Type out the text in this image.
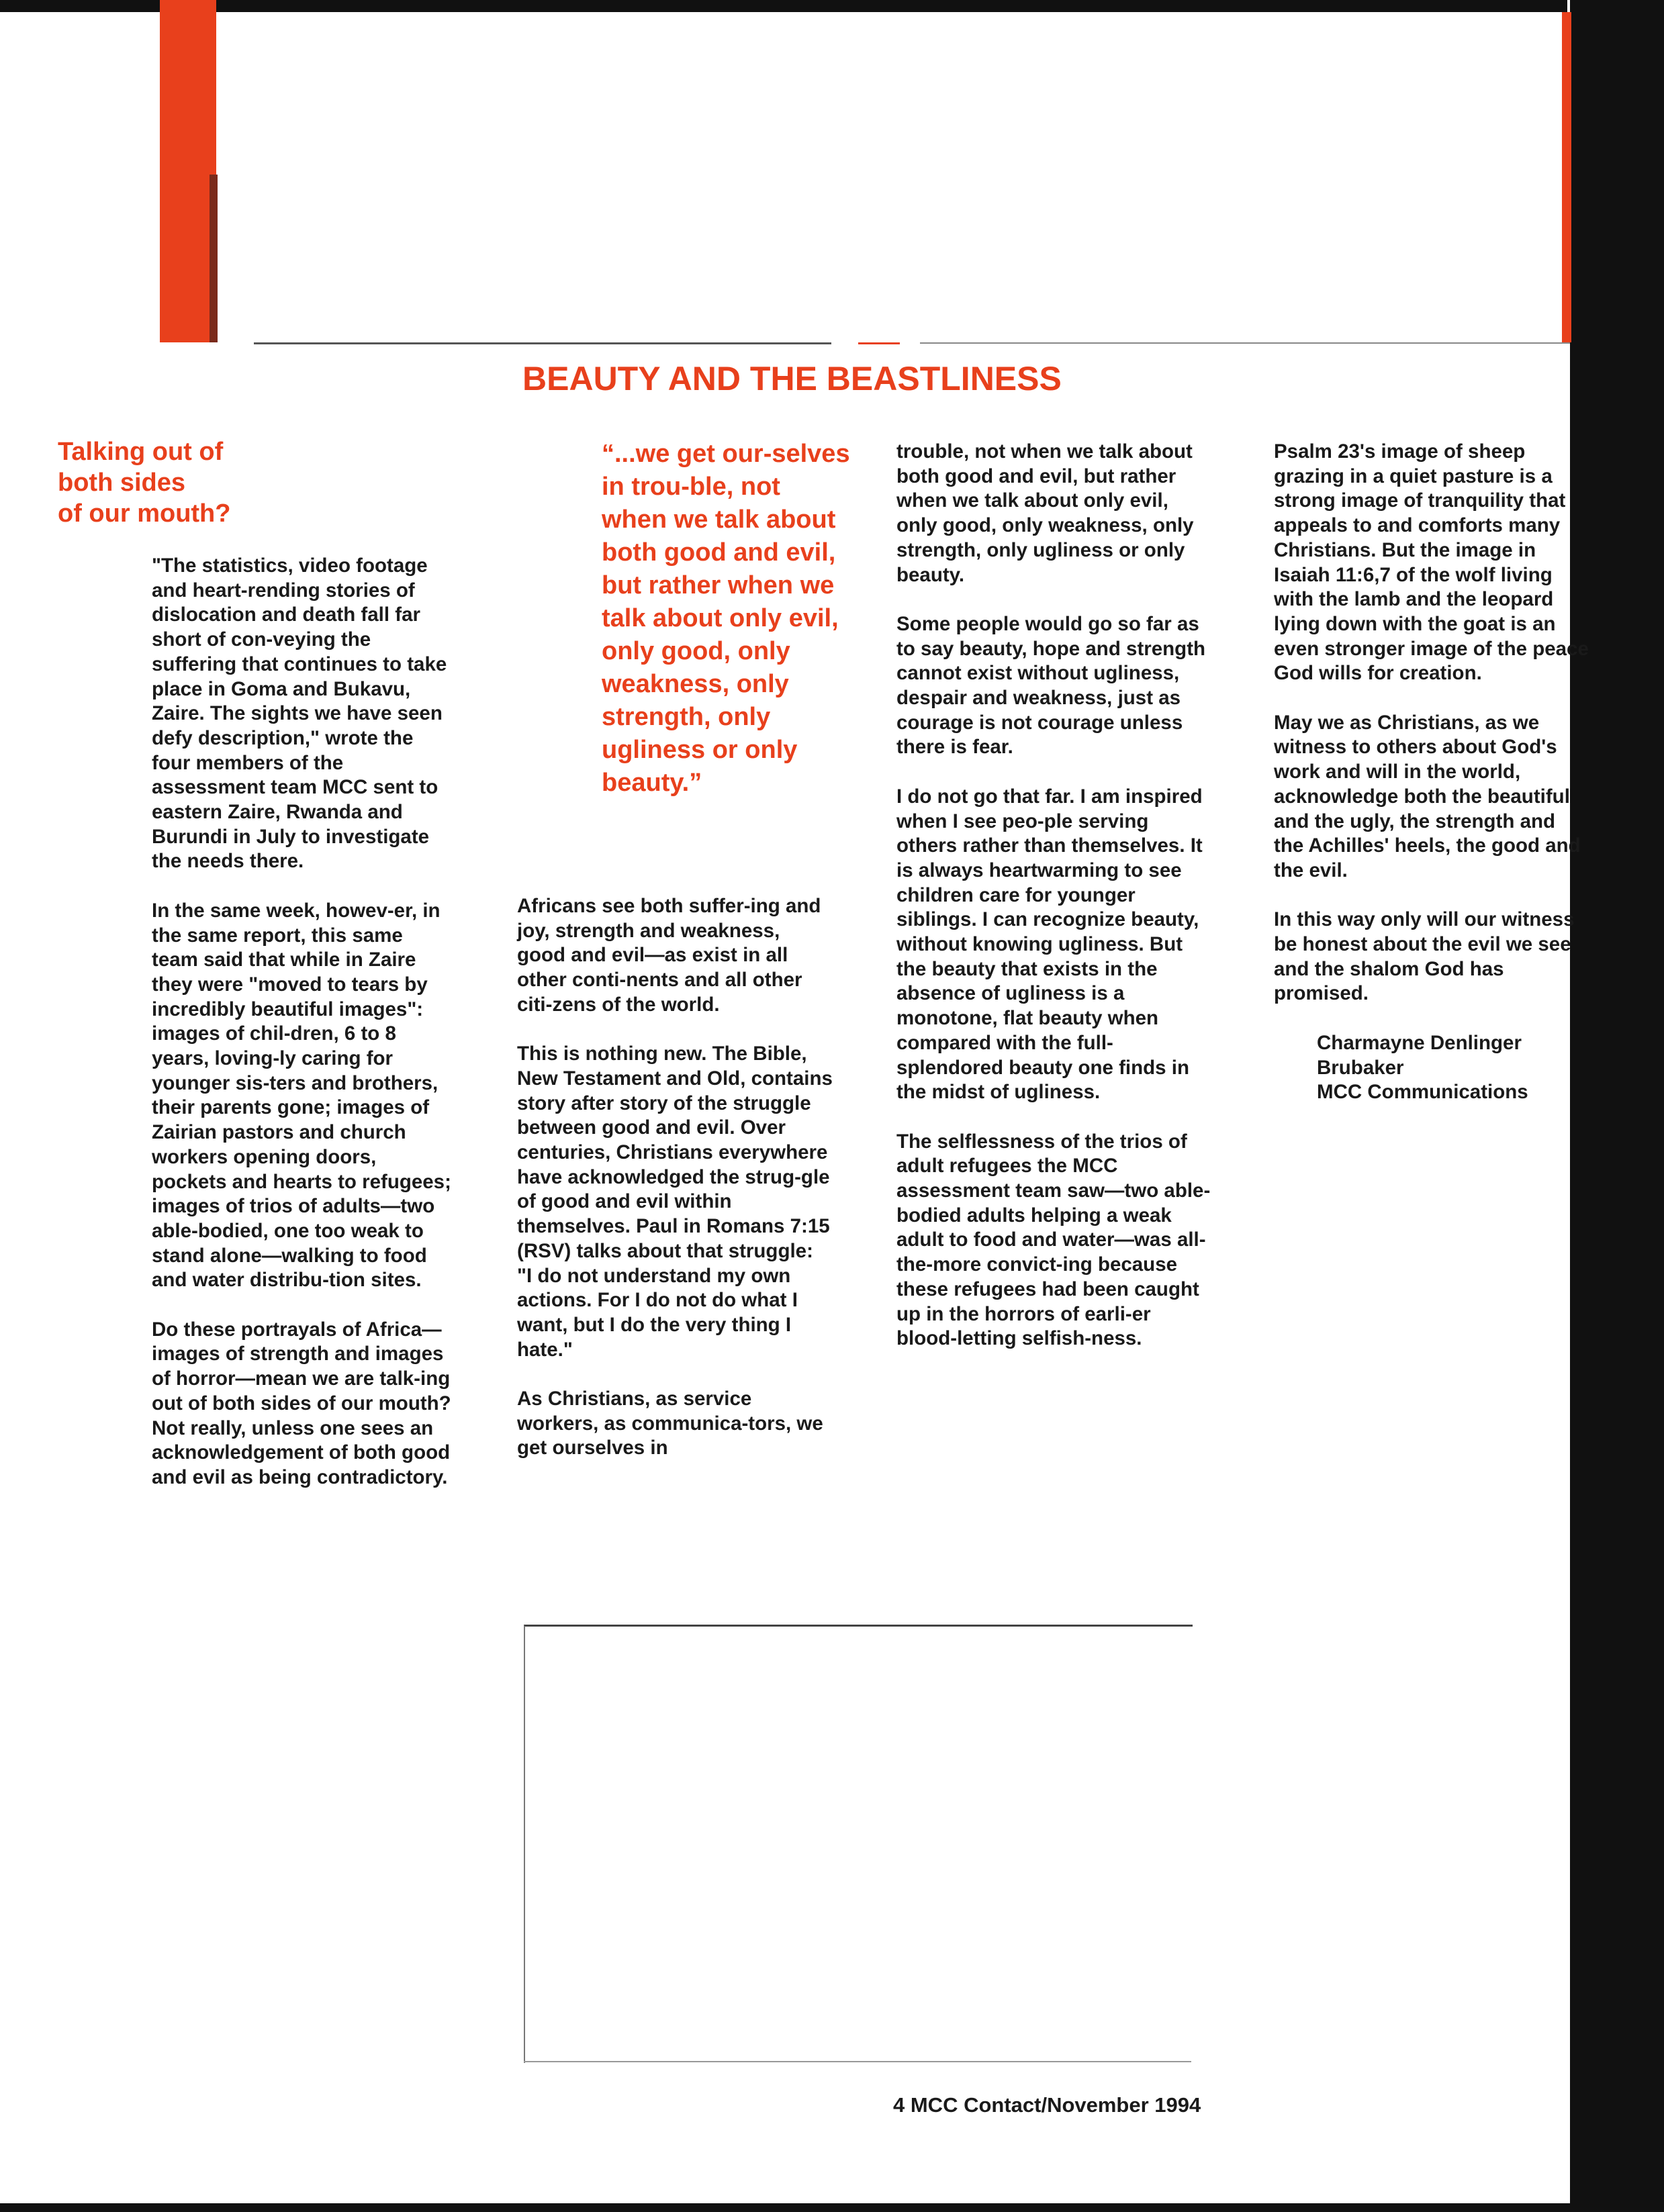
BEAUTY AND THE BEASTLINESS
Talking out of
both sides
of our mouth?
“...we get our-selves in trou-ble, not when we talk about both good and evil, but rather when we talk about only evil, only good, only weakness, only strength, only ugliness or only beauty.”

"The statistics, video footage and heart-rending stories of dislocation and death fall far short of con-veying the suffering that continues to take place in Goma and Bukavu, Zaire. The sights we have seen defy description," wrote the four members of the assessment team MCC sent to eastern Zaire, Rwanda and Burundi in July to investigate the needs there.

In the same week, howev-er, in the same report, this same team said that while in Zaire they were "moved to tears by incredibly beautiful images": images of chil-dren, 6 to 8 years, loving-ly caring for younger sis-ters and brothers, their parents gone; images of Zairian pastors and church workers opening doors, pockets and hearts to refugees; images of trios of adults—two able-bodied, one too weak to stand alone—walking to food and water distribu-tion sites.

Do these portrayals of Africa—images of strength and images of horror—mean we are talk-ing out of both sides of our mouth? Not really, unless one sees an acknowledgement of both good and evil as being contradictory.

Africans see both suffer-ing and joy, strength and weakness, good and evil—as exist in all other conti-nents and all other citi-zens of the world.

This is nothing new. The Bible, New Testament and Old, contains story after story of the struggle between good and evil. Over centuries, Christians everywhere have acknowledged the strug-gle of good and evil within themselves. Paul in Romans 7:15 (RSV) talks about that struggle: "I do not understand my own actions. For I do not do what I want, but I do the very thing I hate."

As Christians, as service workers, as communica-tors, we get ourselves in

trouble, not when we talk about both good and evil, but rather when we talk about only evil, only good, only weakness, only strength, only ugliness or only beauty.

Some people would go so far as to say beauty, hope and strength cannot exist without ugliness, despair and weakness, just as courage is not courage unless there is fear.

I do not go that far. I am inspired when I see peo-ple serving others rather than themselves. It is always heartwarming to see children care for younger siblings. I can recognize beauty, without knowing ugliness. But the beauty that exists in the absence of ugliness is a monotone, flat beauty when compared with the full-splendored beauty one finds in the midst of ugliness.

The selflessness of the trios of adult refugees the MCC assessment team saw—two able-bodied adults helping a weak adult to food and water—was all-the-more convict-ing because these refugees had been caught up in the horrors of earli-er blood-letting selfish-ness.

Psalm 23's image of sheep grazing in a quiet pasture is a strong image of tranquility that appeals to and comforts many Christians. But the image in Isaiah 11:6,7 of the wolf living with the lamb and the leopard lying down with the goat is an even stronger image of the peace God wills for creation.

May we as Christians, as we witness to others about God's work and will in the world, acknowledge both the beautiful and the ugly, the strength and the Achilles' heels, the good and the evil.

In this way only will our witness be honest about the evil we see and the shalom God has promised.

Charmayne Denlinger
Brubaker
MCC Communications
4 MCC Contact/November 1994
